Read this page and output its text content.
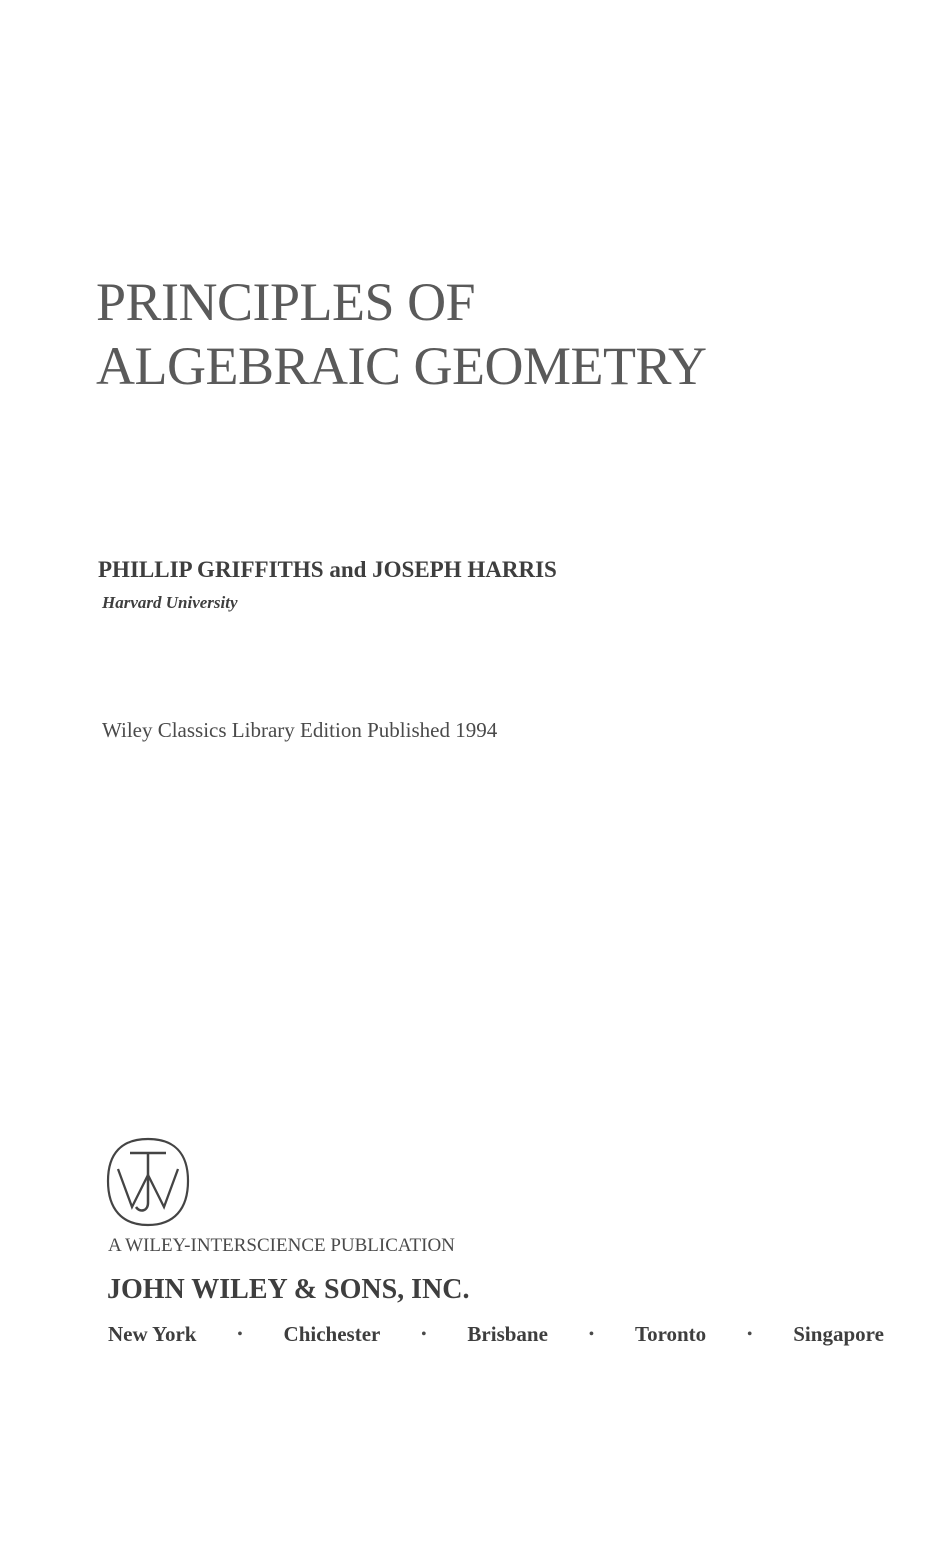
PRINCIPLES OF
ALGEBRAIC GEOMETRY
PHILLIP GRIFFITHS and JOSEPH HARRIS
Harvard University
Wiley Classics Library Edition Published 1994
JW
A WILEY-INTERSCIENCE PUBLICATION
JOHN WILEY & SONS, INC.
New York	• Chichester	• Brisbane	• Toronto	• Singapore
